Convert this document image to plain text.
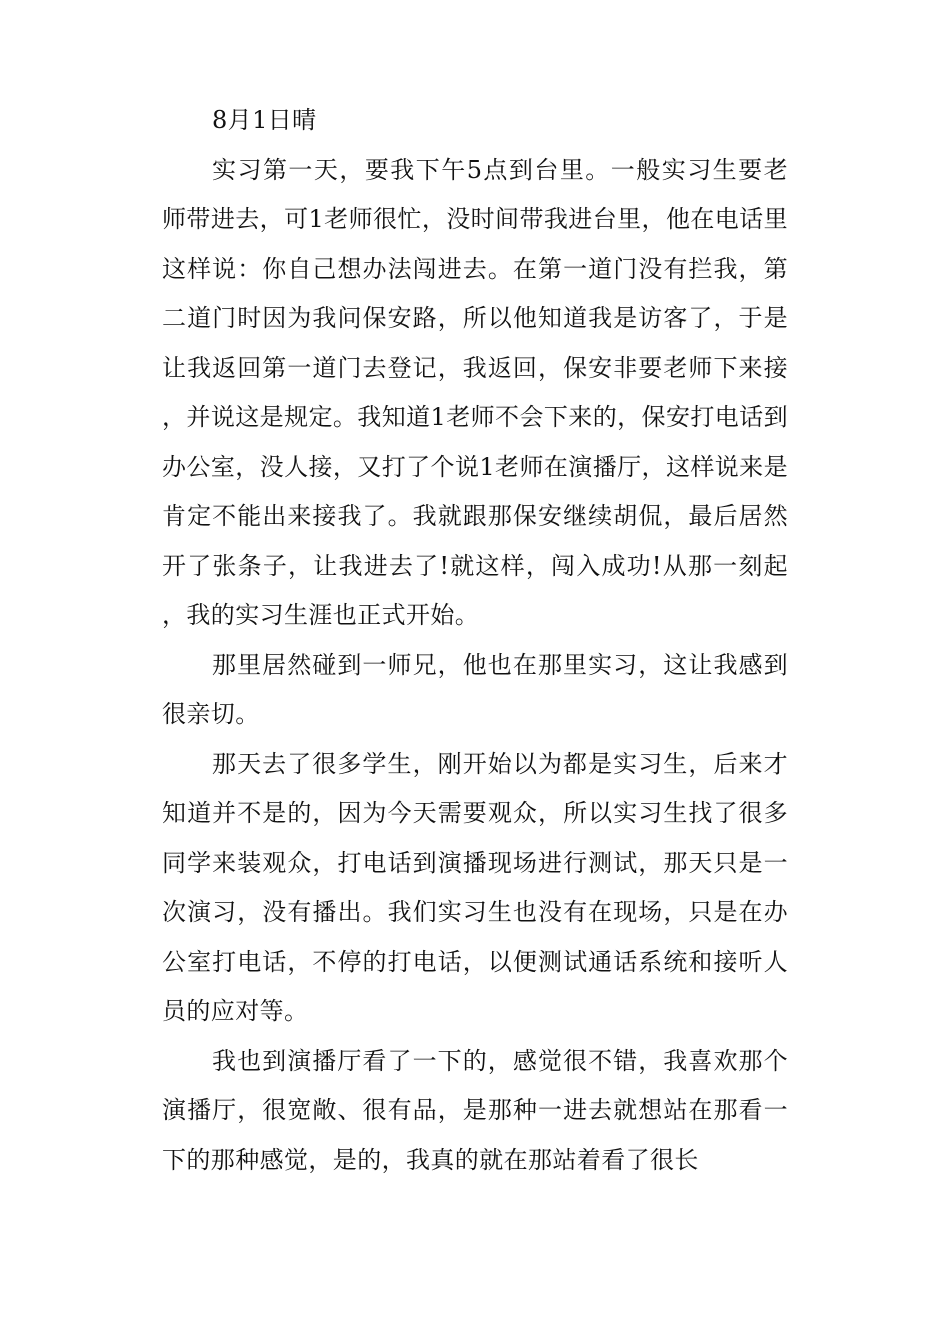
8月1日晴

实习第一天，要我下午5点到台里。一般实习生要老师带进去，可1老师很忙，没时间带我进台里，他在电话里这样说：你自己想办法闯进去。在第一道门没有拦我，第二道门时因为我问保安路，所以他知道我是访客了，于是让我返回第一道门去登记，我返回，保安非要老师下来接，并说这是规定。我知道1老师不会下来的，保安打电话到办公室，没人接，又打了个说1老师在演播厅，这样说来是肯定不能出来接我了。我就跟那保安继续胡侃，最后居然开了张条子，让我进去了!就这样，闯入成功!从那一刻起，我的实习生涯也正式开始。

那里居然碰到一师兄，他也在那里实习，这让我感到很亲切。

那天去了很多学生，刚开始以为都是实习生，后来才知道并不是的，因为今天需要观众，所以实习生找了很多同学来装观众，打电话到演播现场进行测试，那天只是一次演习，没有播出。我们实习生也没有在现场，只是在办公室打电话，不停的打电话，以便测试通话系统和接听人员的应对等。

我也到演播厅看了一下的，感觉很不错，我喜欢那个演播厅，很宽敞、很有品，是那种一进去就想站在那看一下的那种感觉，是的，我真的就在那站着看了很长
